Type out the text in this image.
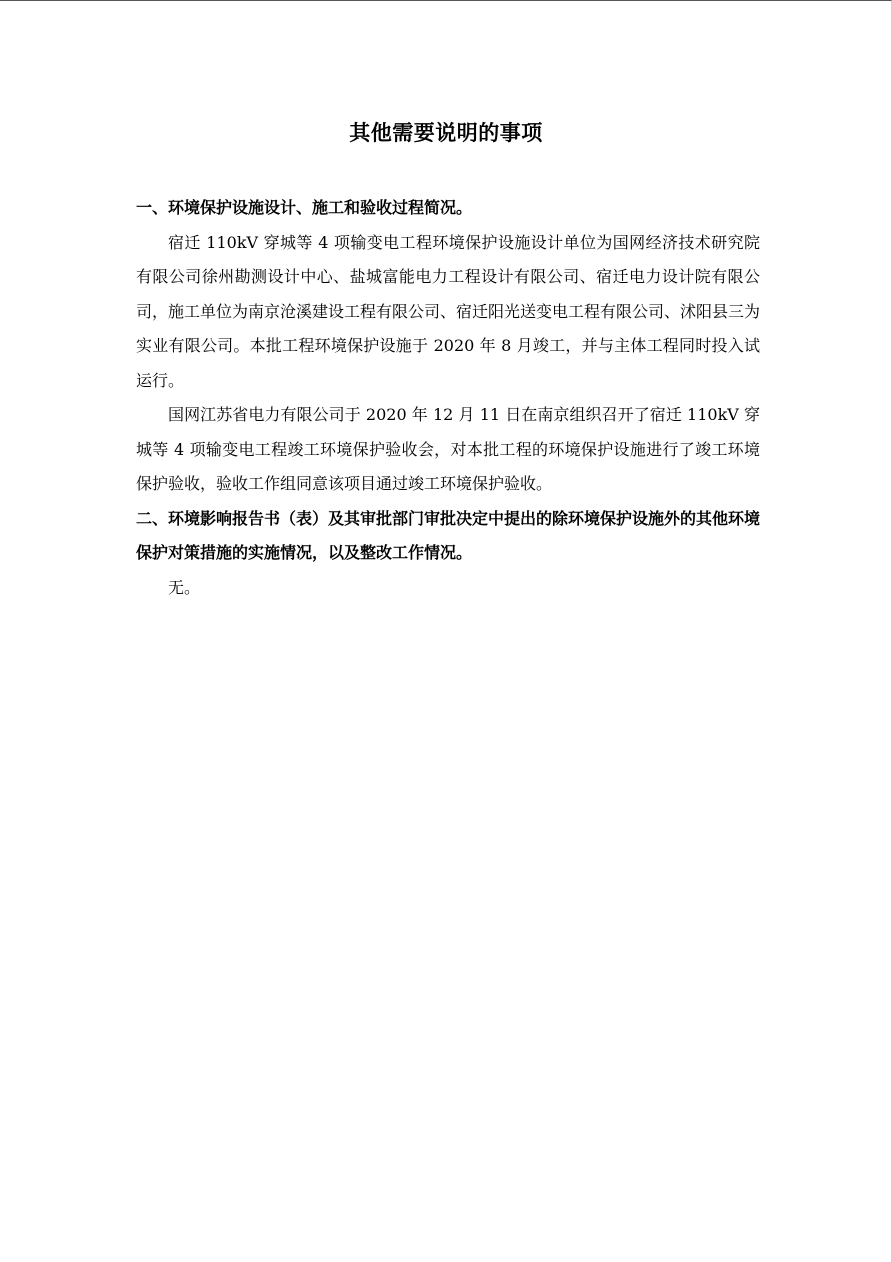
其他需要说明的事项

一、环境保护设施设计、施工和验收过程简况。

宿迁 110kV 穿城等 4 项输变电工程环境保护设施设计单位为国网经济技术研究院有限公司徐州勘测设计中心、盐城富能电力工程设计有限公司、宿迁电力设计院有限公司，施工单位为南京沧溪建设工程有限公司、宿迁阳光送变电工程有限公司、沭阳县三为实业有限公司。本批工程环境保护设施于 2020 年 8 月竣工，并与主体工程同时投入试运行。

国网江苏省电力有限公司于 2020 年 12 月 11 日在南京组织召开了宿迁 110kV 穿城等 4 项输变电工程竣工环境保护验收会，对本批工程的环境保护设施进行了竣工环境保护验收，验收工作组同意该项目通过竣工环境保护验收。

二、环境影响报告书（表）及其审批部门审批决定中提出的除环境保护设施外的其他环境保护对策措施的实施情况，以及整改工作情况。

无。
